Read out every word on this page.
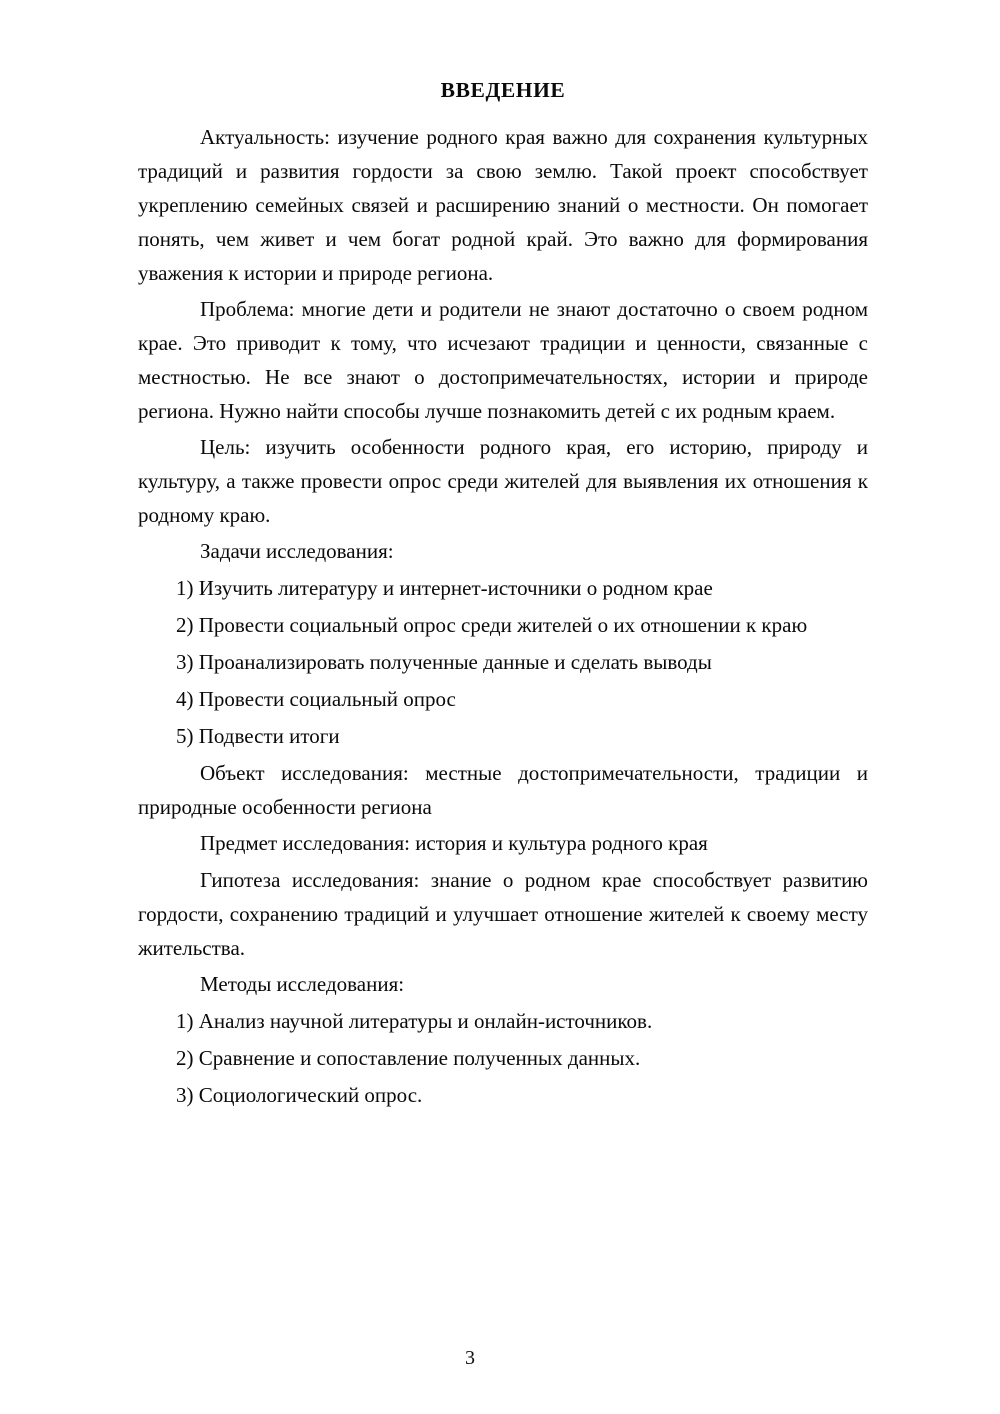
ВВЕДЕНИЕ

Актуальность: изучение родного края важно для сохранения культурных традиций и развития гордости за свою землю. Такой проект способствует укреплению семейных связей и расширению знаний о местности. Он помогает понять, чем живет и чем богат родной край. Это важно для формирования уважения к истории и природе региона.

Проблема: многие дети и родители не знают достаточно о своем родном крае. Это приводит к тому, что исчезают традиции и ценности, связанные с местностью. Не все знают о достопримечательностях, истории и природе региона. Нужно найти способы лучше познакомить детей с их родным краем.

Цель: изучить особенности родного края, его историю, природу и культуру, а также провести опрос среди жителей для выявления их отношения к родному краю.

Задачи исследования:

1) Изучить литературу и интернет-источники о родном крае

2) Провести социальный опрос среди жителей о их отношении к краю

3) Проанализировать полученные данные и сделать выводы

4) Провести социальный опрос

5) Подвести итоги

Объект исследования: местные достопримечательности, традиции и природные особенности региона

Предмет исследования: история и культура родного края

Гипотеза исследования: знание о родном крае способствует развитию гордости, сохранению традиций и улучшает отношение жителей к своему месту жительства.

Методы исследования:

1) Анализ научной литературы и онлайн-источников.

2) Сравнение и сопоставление полученных данных.

3) Социологический опрос.

3
